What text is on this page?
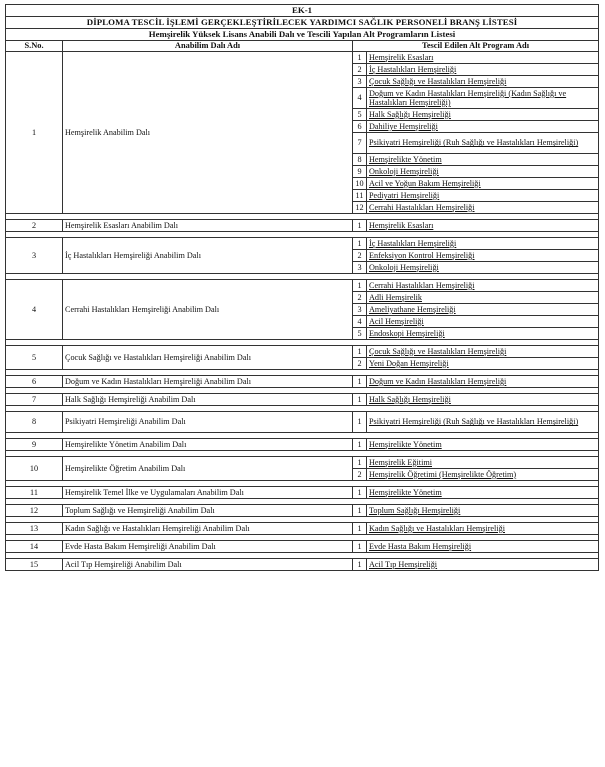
EK-1			
DİPLOMA TESCİL İŞLEMİ GERÇEKLEŞTİRİLECEK YARDIMCI SAĞLIK PERSONELİ BRANŞ LİSTESİ			
Hemşirelik Yüksek Lisans Anabili Dalı ve Tescili Yapılan Alt Programların Listesi			
S.No.	Anabilim Dalı Adı	Tescil Edilen Alt Program Adı	
1	Hemşirelik Anabilim Dalı	1	Hemşirelik Esasları
		2	İç Hastalıkları Hemşireliği
		3	Çocuk Sağlığı ve Hastalıkları Hemşireliği
		4	Doğum ve Kadın Hastalıkları Hemşireliği (Kadın Sağlığı ve Hastalıkları Hemşireliği)
		5	Halk Sağlığı Hemşireliği
		6	Dahiliye Hemşireliği
		7	Psikiyatri Hemşireliği (Ruh Sağlığı ve Hastalıkları Hemşireliği)
		8	Hemşirelikte Yönetim
		9	Onkoloji Hemşireliği
		10	Acil ve Yoğun Bakım Hemşireliği
		11	Pediyatri Hemşireliği
		12	Cerrahi Hastalıkları Hemşireliği

2	Hemşirelik Esasları Anabilim Dalı	1	Hemşirelik Esasları

3	İç Hastalıkları Hemşireliği Anabilim Dalı	1	İç Hastalıkları Hemşireliği
		2	Enfeksiyon Kontrol Hemşireliği
		3	Onkoloji Hemşireliği

4	Cerrahi Hastalıkları Hemşireliği Anabilim Dalı	1	Cerrahi Hastalıkları Hemşireliği
		2	Adli Hemşirelik
		3	Ameliyathane Hemşireliği
		4	Acil Hemşireliği
		5	Endoskopi Hemşireliği

5	Çocuk Sağlığı ve Hastalıkları Hemşireliği Anabilim Dalı	1	Çocuk Sağlığı ve Hastalıkları Hemşireliği
		2	Yeni Doğan Hemşireliği

6	Doğum ve Kadın Hastalıkları Hemşireliği Anabilim Dalı	1	Doğum ve Kadın Hastalıkları Hemşireliği

7	Halk Sağlığı Hemşireliği Anabilim Dalı	1	Halk Sağlığı Hemşireliği

8	Psikiyatri Hemşireliği Anabilim Dalı	1	Psikiyatri Hemşireliği (Ruh Sağlığı ve Hastalıkları Hemşireliği)

9	Hemşirelikte Yönetim Anabilim Dalı	1	Hemşirelikte Yönetim

10	Hemşirelikte Öğretim Anabilim Dalı	1	Hemşirelik Eğitimi
		2	Hemşirelik Öğretimi (Hemşirelikte Öğretim)

11	Hemşirelik Temel İlke ve Uygulamaları Anabilim Dalı	1	Hemşirelikte Yönetim

12	Toplum Sağlığı ve Hemşireliği Anabilim Dalı	1	Toplum Sağlığı Hemşireliği

13	Kadın Sağlığı ve Hastalıkları Hemşireliği Anabilim Dalı	1	Kadın Sağlığı ve Hastalıkları Hemşireliği

14	Evde Hasta Bakım Hemşireliği Anabilim Dalı	1	Evde Hasta Bakım Hemşireliği

15	Acil Tıp Hemşireliği Anabilim Dalı	1	Acil Tıp Hemşireliği
